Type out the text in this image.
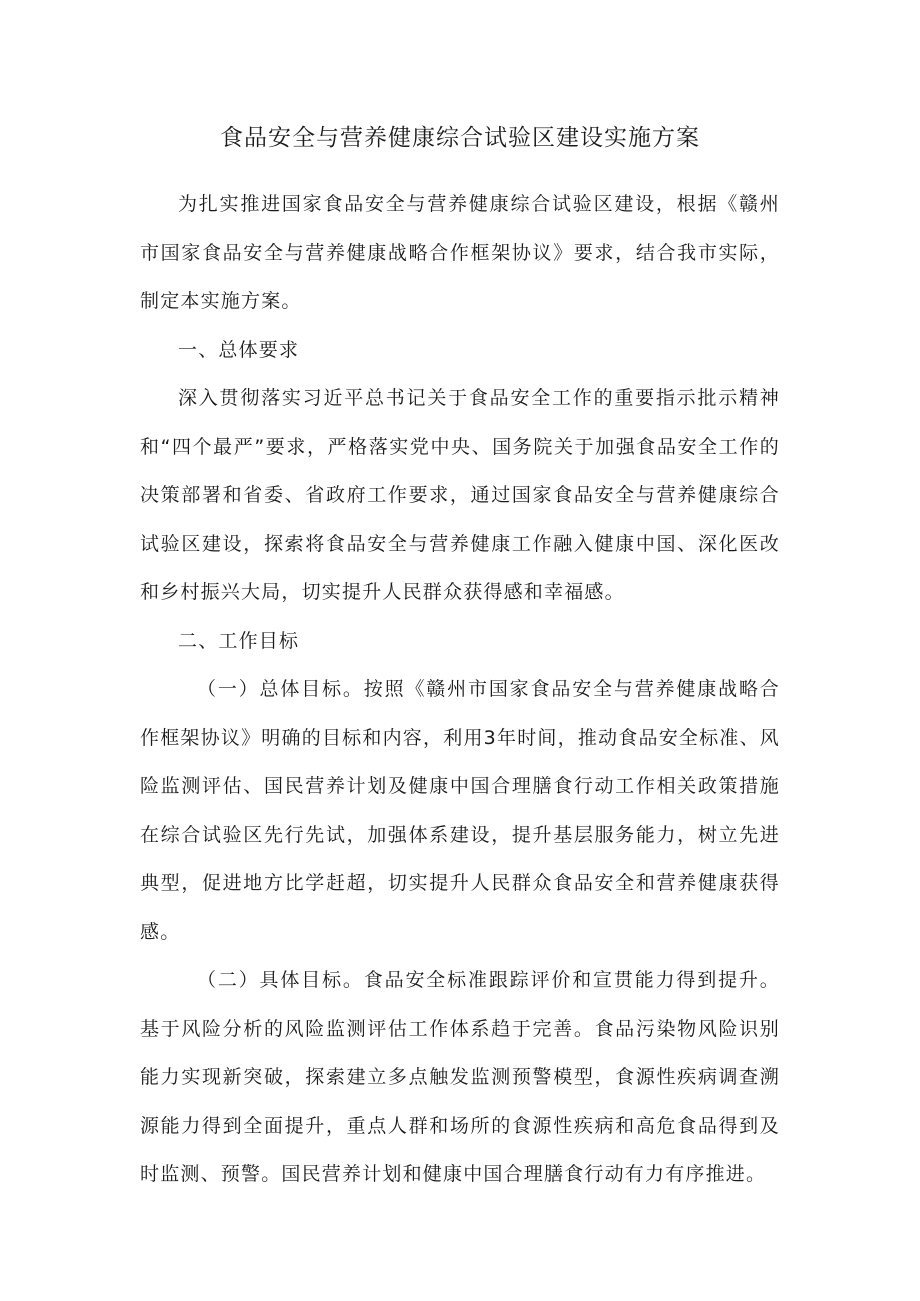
食品安全与营养健康综合试验区建设实施方案

为扎实推进国家食品安全与营养健康综合试验区建设，根据《赣州市国家食品安全与营养健康战略合作框架协议》要求，结合我市实际，制定本实施方案。

一、总体要求

深入贯彻落实习近平总书记关于食品安全工作的重要指示批示精神和“四个最严”要求，严格落实党中央、国务院关于加强食品安全工作的决策部署和省委、省政府工作要求，通过国家食品安全与营养健康综合试验区建设，探索将食品安全与营养健康工作融入健康中国、深化医改和乡村振兴大局，切实提升人民群众获得感和幸福感。

二、工作目标

（一）总体目标。按照《赣州市国家食品安全与营养健康战略合作框架协议》明确的目标和内容，利用3年时间，推动食品安全标准、风险监测评估、国民营养计划及健康中国合理膳食行动工作相关政策措施在综合试验区先行先试，加强体系建设，提升基层服务能力，树立先进典型，促进地方比学赶超，切实提升人民群众食品安全和营养健康获得感。

（二）具体目标。食品安全标准跟踪评价和宣贯能力得到提升。基于风险分析的风险监测评估工作体系趋于完善。食品污染物风险识别能力实现新突破，探索建立多点触发监测预警模型，食源性疾病调查溯源能力得到全面提升，重点人群和场所的食源性疾病和高危食品得到及时监测、预警。国民营养计划和健康中国合理膳食行动有力有序推进。
